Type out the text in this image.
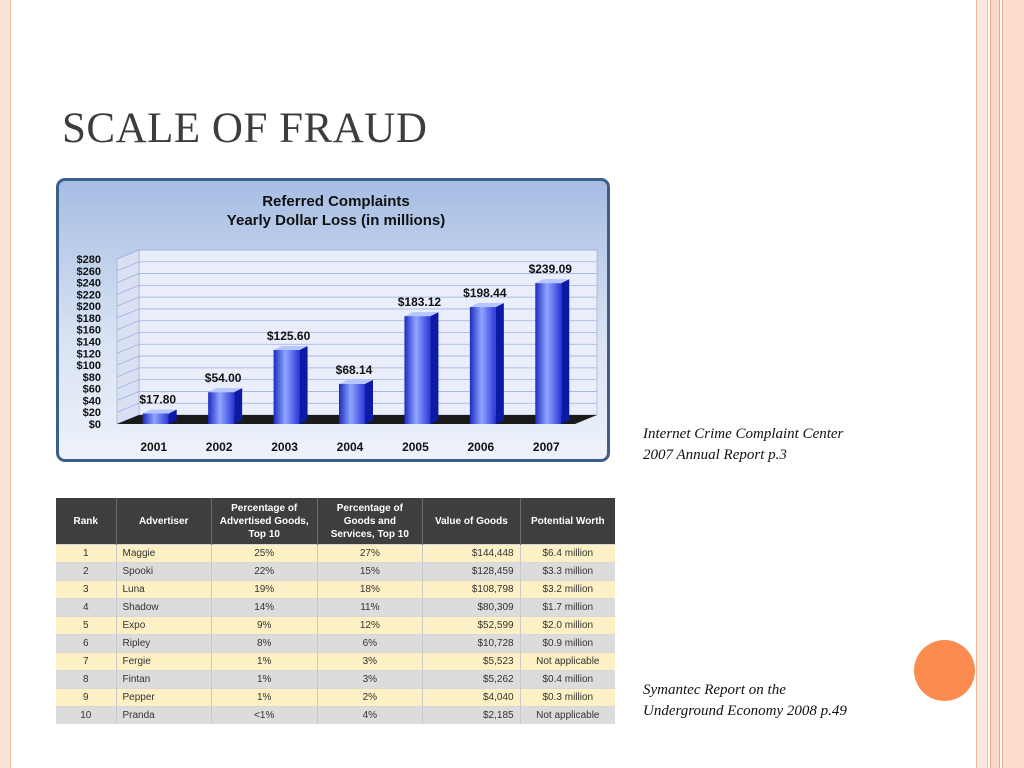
SCALE OF FRAUD
Referred Complaints
Yearly Dollar Loss (in millions)
$0
$20
$40
$60
$80
$100
$120
$140
$160
$180
$200
$220
$240
$260
$280
$17.80
2001
$54.00
2002
$125.60
2003
$68.14
2004
$183.12
2005
$198.44
2006
$239.09
2007

Internet Crime Complaint Center
2007 Annual Report p.3

Rank	Advertiser	Percentage of Advertised Goods, Top 10	Percentage of Goods and Services, Top 10	Value of Goods	Potential Worth
1	Maggie	25%	27%	$144,448	$6.4 million
2	Spooki	22%	15%	$128,459	$3.3 million
3	Luna	19%	18%	$108,798	$3.2 million
4	Shadow	14%	11%	$80,309	$1.7 million
5	Expo	9%	12%	$52,599	$2.0 million
6	Ripley	8%	6%	$10,728	$0.9 million
7	Fergie	1%	3%	$5,523	Not applicable
8	Fintan	1%	3%	$5,262	$0.4 million
9	Pepper	1%	2%	$4,040	$0.3 million
10	Pranda	<1%	4%	$2,185	Not applicable

Symantec Report on the
Underground Economy 2008 p.49
